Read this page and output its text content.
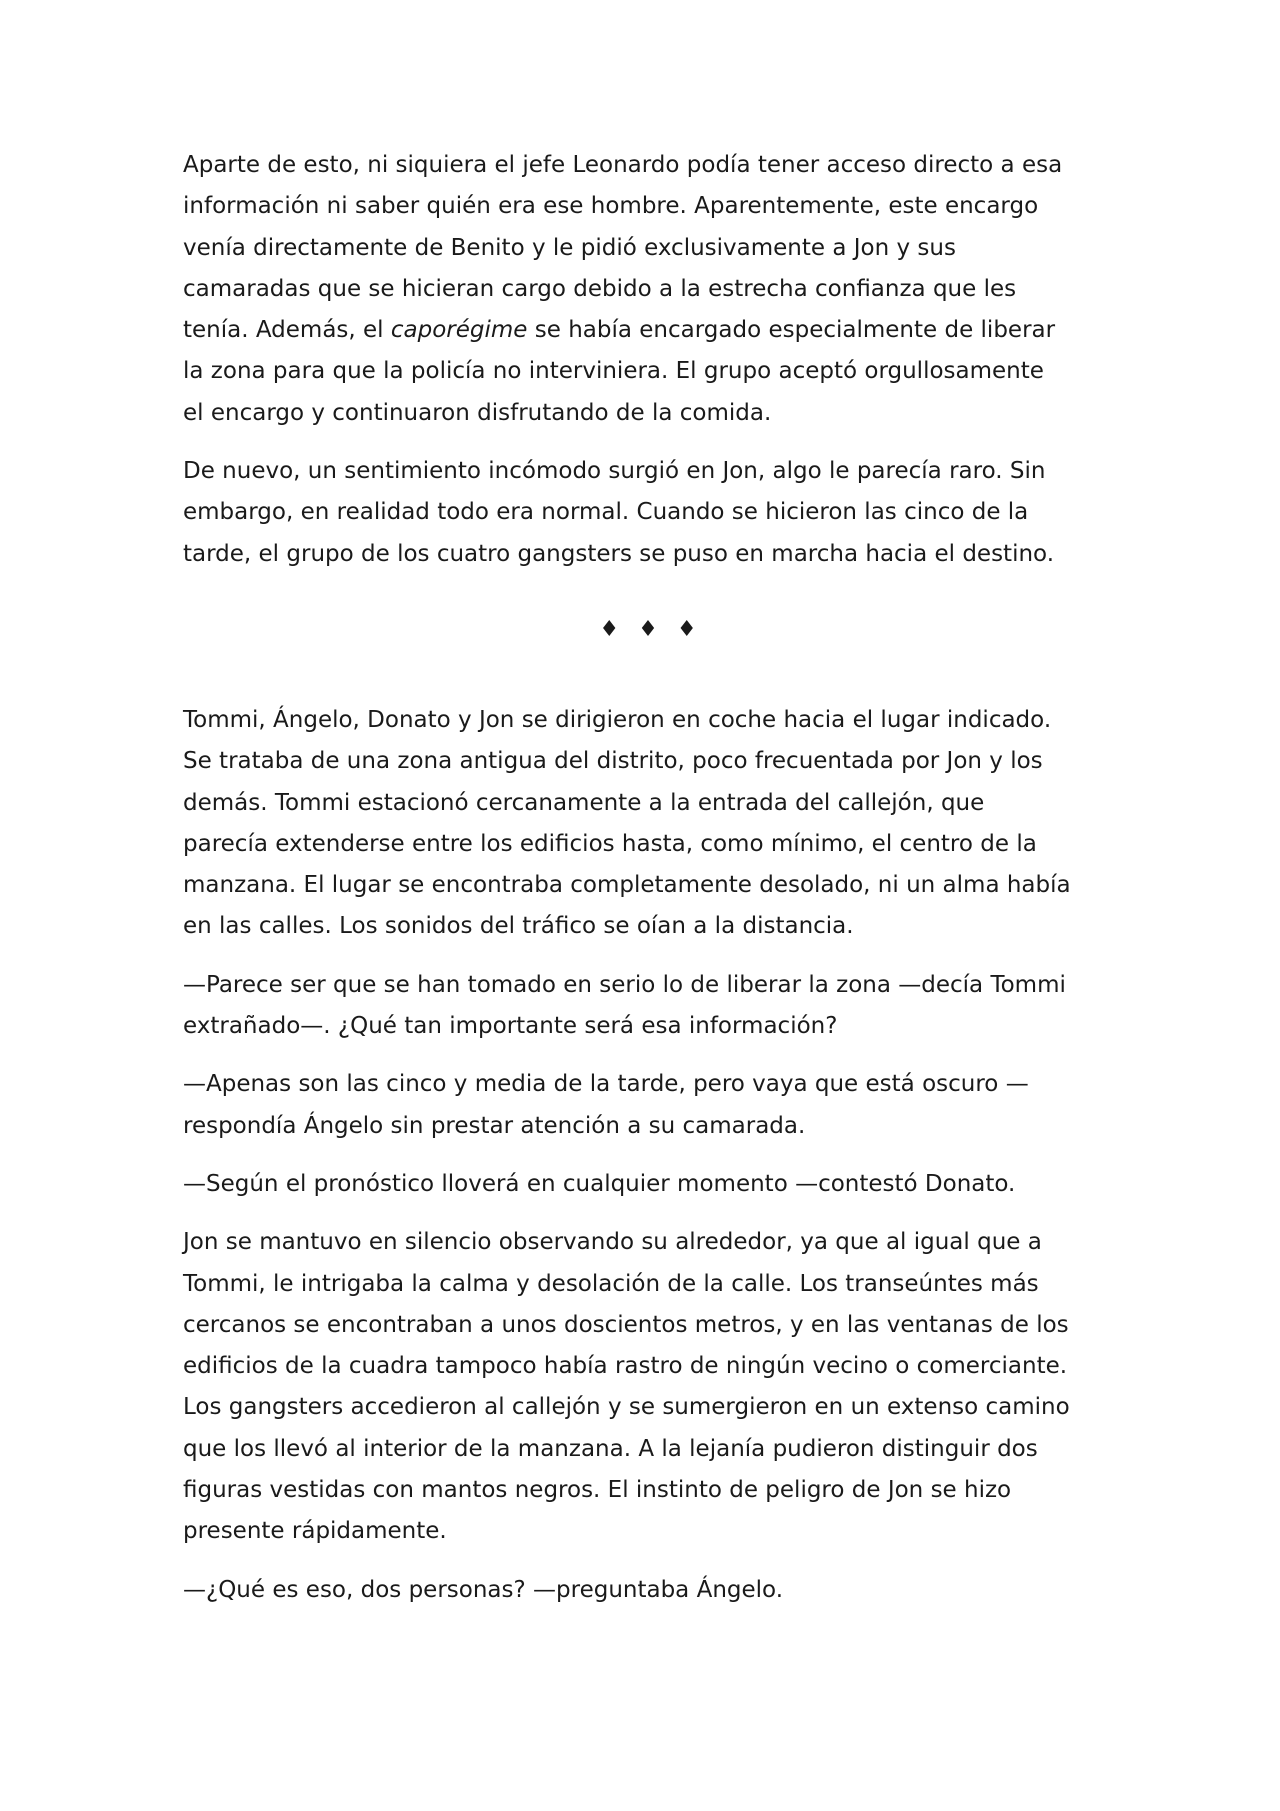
Aparte de esto, ni siquiera el jefe Leonardo podía tener acceso directo a esa
información ni saber quién era ese hombre. Aparentemente, este encargo
venía directamente de Benito y le pidió exclusivamente a Jon y sus
camaradas que se hicieran cargo debido a la estrecha confianza que les
tenía. Además, el caporégime se había encargado especialmente de liberar
la zona para que la policía no interviniera. El grupo aceptó orgullosamente
el encargo y continuaron disfrutando de la comida.

De nuevo, un sentimiento incómodo surgió en Jon, algo le parecía raro. Sin
embargo, en realidad todo era normal. Cuando se hicieron las cinco de la
tarde, el grupo de los cuatro gangsters se puso en marcha hacia el destino.

♦ ♦ ♦

Tommi, Ángelo, Donato y Jon se dirigieron en coche hacia el lugar indicado.
Se trataba de una zona antigua del distrito, poco frecuentada por Jon y los
demás. Tommi estacionó cercanamente a la entrada del callejón, que
parecía extenderse entre los edificios hasta, como mínimo, el centro de la
manzana. El lugar se encontraba completamente desolado, ni un alma había
en las calles. Los sonidos del tráfico se oían a la distancia.

—Parece ser que se han tomado en serio lo de liberar la zona —decía Tommi
extrañado—. ¿Qué tan importante será esa información?

—Apenas son las cinco y media de la tarde, pero vaya que está oscuro —
respondía Ángelo sin prestar atención a su camarada.

—Según el pronóstico lloverá en cualquier momento —contestó Donato.

Jon se mantuvo en silencio observando su alrededor, ya que al igual que a
Tommi, le intrigaba la calma y desolación de la calle. Los transeúntes más
cercanos se encontraban a unos doscientos metros, y en las ventanas de los
edificios de la cuadra tampoco había rastro de ningún vecino o comerciante.
Los gangsters accedieron al callejón y se sumergieron en un extenso camino
que los llevó al interior de la manzana. A la lejanía pudieron distinguir dos
figuras vestidas con mantos negros. El instinto de peligro de Jon se hizo
presente rápidamente.

—¿Qué es eso, dos personas? —preguntaba Ángelo.
